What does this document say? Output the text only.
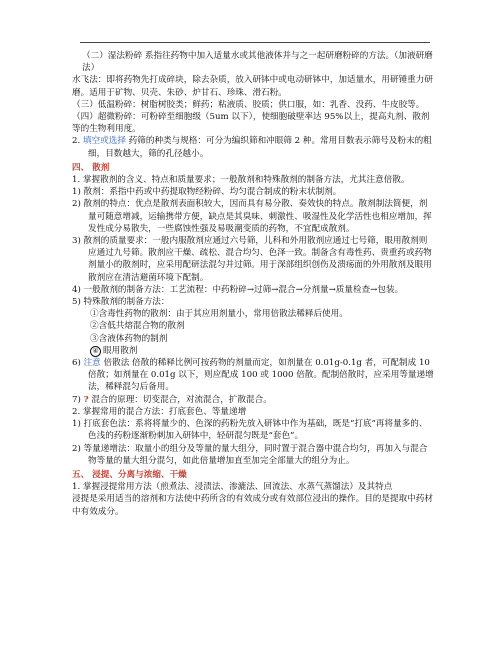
（二）湿法粉碎 系指往药物中加入适量水或其他液体并与之一起研磨粉碎的方法。（加液研磨法）

水飞法：即将药物先打成碎块，除去杂质，放入研钵中或电动研钵中，加适量水，用研锤重力研磨。适用于矿物、贝壳、朱砂、炉甘石、珍珠、滑石粉。

（三）低温粉碎：树脂树胶类；鲜药；粘液质、胶质；供口服，如：乳香、没药、牛皮胶等。

（四）超微粉碎：可粉碎至细胞级（5um 以下），使细胞破壁率达 95%以上，提高丸剂、散剂等的生物利用度。

2. 填空或选择 药筛的种类与规格：可分为编织筛和冲眼筛 2 种。常用目数表示筛号及粉末的粗细，目数越大，筛的孔径越小。

四、 散剂

1. 掌握散剂的含义、特点和质量要求；一般散剂和特殊散剂的制备方法，尤其注意倍散。

1) 散剂：系指中药或中药提取物经粉碎、均匀混合制成的粉末状制剂。

2) 散剂的特点：优点是散剂表面积较大，因而具有易分散、奏效快的特点。散剂制法简便，剂量可随意增减，运输携带方便，缺点是其臭味、刺激性、吸湿性及化学活性也相应增加，挥发性成分易散失，一些腐蚀性强及易吸潮变质的药物，不宜配成散剂。

3) 散剂的质量要求：一般内服散剂应通过六号筛，儿科和外用散剂应通过七号筛，眼用散剂则应通过九号筛。散剂应干燥、疏松、混合均匀、色泽一致。制备含有毒性药、贵重药或药物剂量小的散剂时，应采用配研法混匀并过筛。用于深部组织创伤及溃疡面的外用散剂及眼用散剂应在清洁避菌环境下配制。

4) 一般散剂的制备方法：工艺流程：中药粉碎→过筛→混合→分剂量→质量检查→包装。

5) 特殊散剂的制备方法：

①含毒性药物的散剂：由于其应用剂量小，常用倍散法稀释后使用。

②含低共熔混合物的散剂

③含液体药物的制剂

④ 眼用散剂

6) 注意 倍散法 倍散的稀释比例可按药物的剂量而定，如剂量在 0.01g-0.1g 者，可配制成 10 倍散；如剂量在 0.01g 以下，则应配成 100 或 1000 倍散。配制倍散时，应采用等量递增法，稀释混匀后备用。

7) ? 混合的原理：切变混合，对流混合，扩散混合。

2. 掌握常用的混合方法：打底套色、等量递增

1) 打底套色法：系将将量少的、色深的药粉先放入研钵中作为基础，既是“打底”再将量多的、色浅的药粉逐渐粉刺加入研钵中，轻研混匀既是“套色”。

2) 等量递增法：取量小的组分及等量的量大组分，同时置于混合器中混合均匀，再加入与混合物等量的量大组分混匀，如此倍量增加直至加完全部量大的组分为止。

五、 浸提、分离与浓缩、干燥

1. 掌握浸提常用方法（煎煮法、浸渍法、渗漉法、回流法、水蒸气蒸馏法）及其特点

浸提是采用适当的溶剂和方法使中药所含的有效成分或有效部位浸出的操作。目的是提取中药材中有效成分。
